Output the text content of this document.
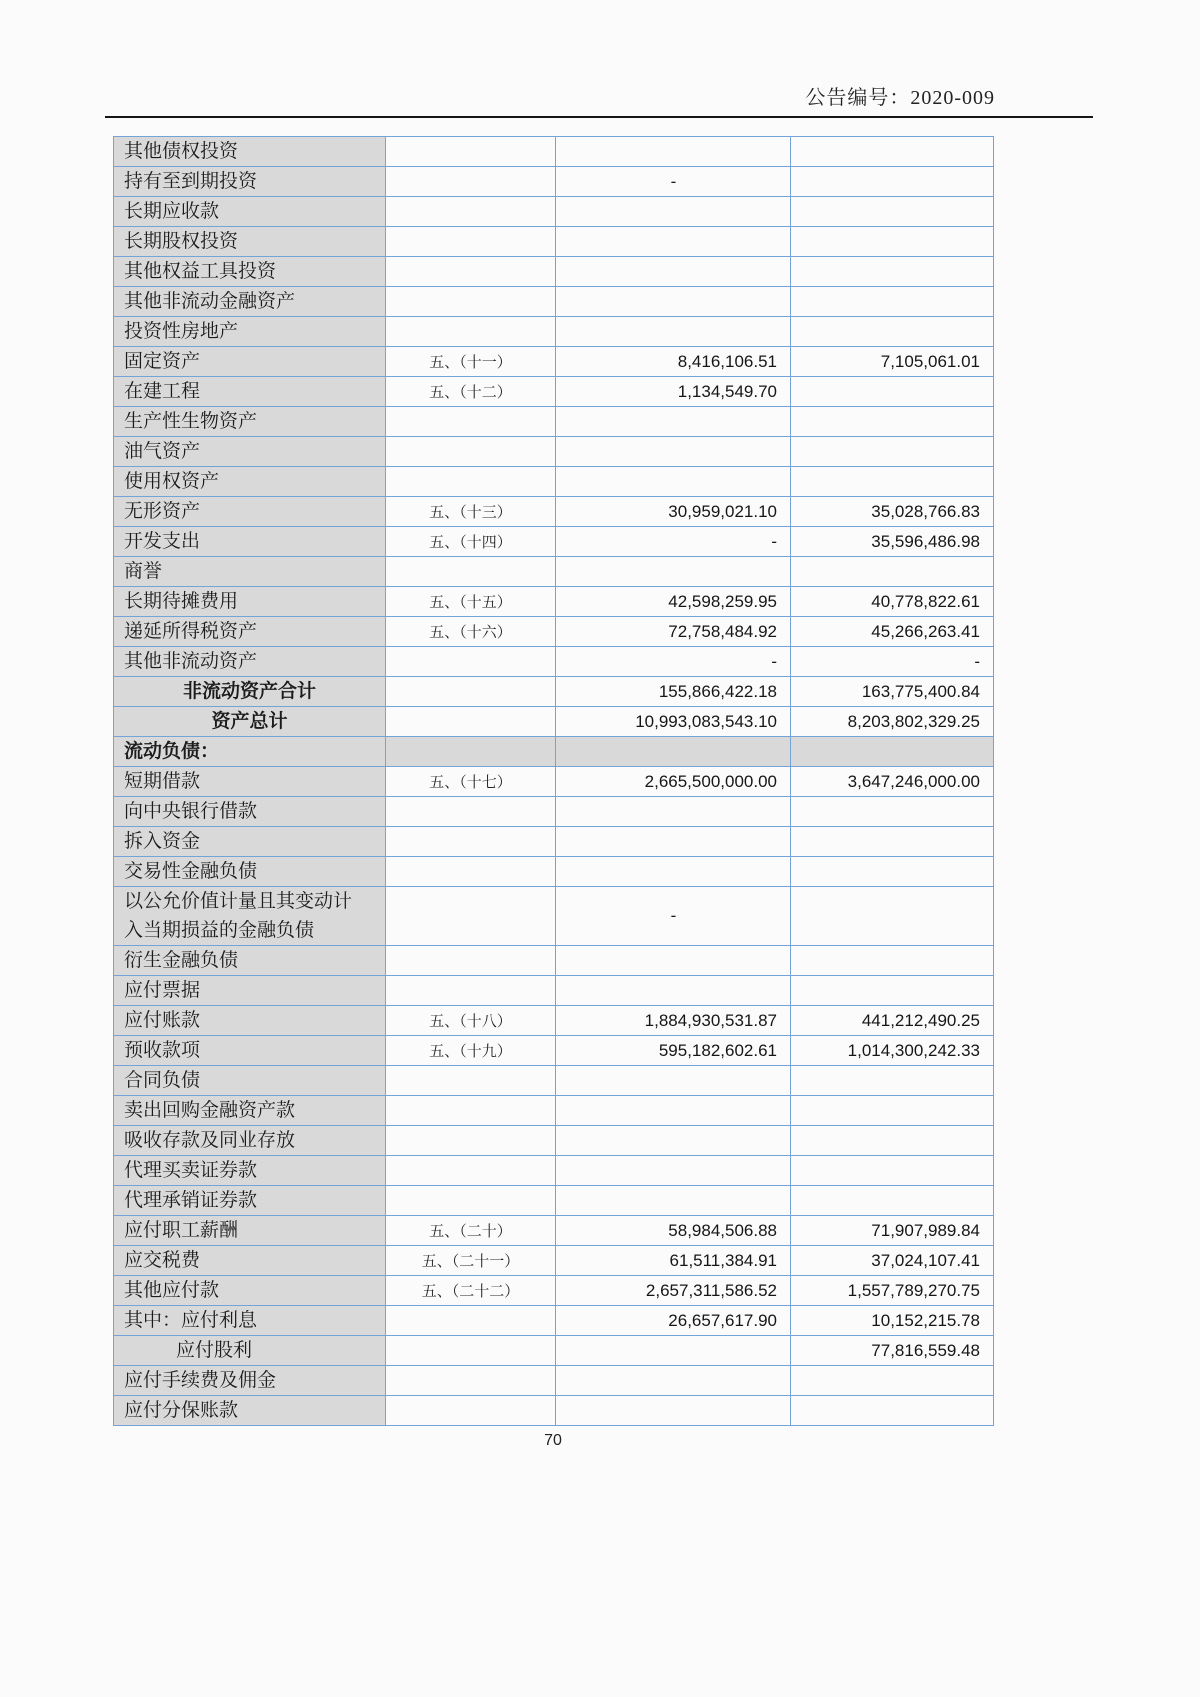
公告编号：2020-009
其他债权投资			
持有至到期投资		-	
长期应收款			
长期股权投资			
其他权益工具投资			
其他非流动金融资产			
投资性房地产			
固定资产	五、（十一）	8,416,106.51	7,105,061.01
在建工程	五、（十二）	1,134,549.70	
生产性生物资产			
油气资产			
使用权资产			
无形资产	五、（十三）	30,959,021.10	35,028,766.83
开发支出	五、（十四）	-	35,596,486.98
商誉			
长期待摊费用	五、（十五）	42,598,259.95	40,778,822.61
递延所得税资产	五、（十六）	72,758,484.92	45,266,263.41
其他非流动资产		-	-
非流动资产合计		155,866,422.18	163,775,400.84
资产总计		10,993,083,543.10	8,203,802,329.25
流动负债：			
短期借款	五、（十七）	2,665,500,000.00	3,647,246,000.00
向中央银行借款			
拆入资金			
交易性金融负债			
以公允价值计量且其变动计入当期损益的金融负债		-	
衍生金融负债			
应付票据			
应付账款	五、（十八）	1,884,930,531.87	441,212,490.25
预收款项	五、（十九）	595,182,602.61	1,014,300,242.33
合同负债			
卖出回购金融资产款			
吸收存款及同业存放			
代理买卖证券款			
代理承销证券款			
应付职工薪酬	五、（二十）	58,984,506.88	71,907,989.84
应交税费	五、（二十一）	61,511,384.91	37,024,107.41
其他应付款	五、（二十二）	2,657,311,586.52	1,557,789,270.75
其中：应付利息		26,657,617.90	10,152,215.78
应付股利			77,816,559.48
应付手续费及佣金			
应付分保账款			
70
